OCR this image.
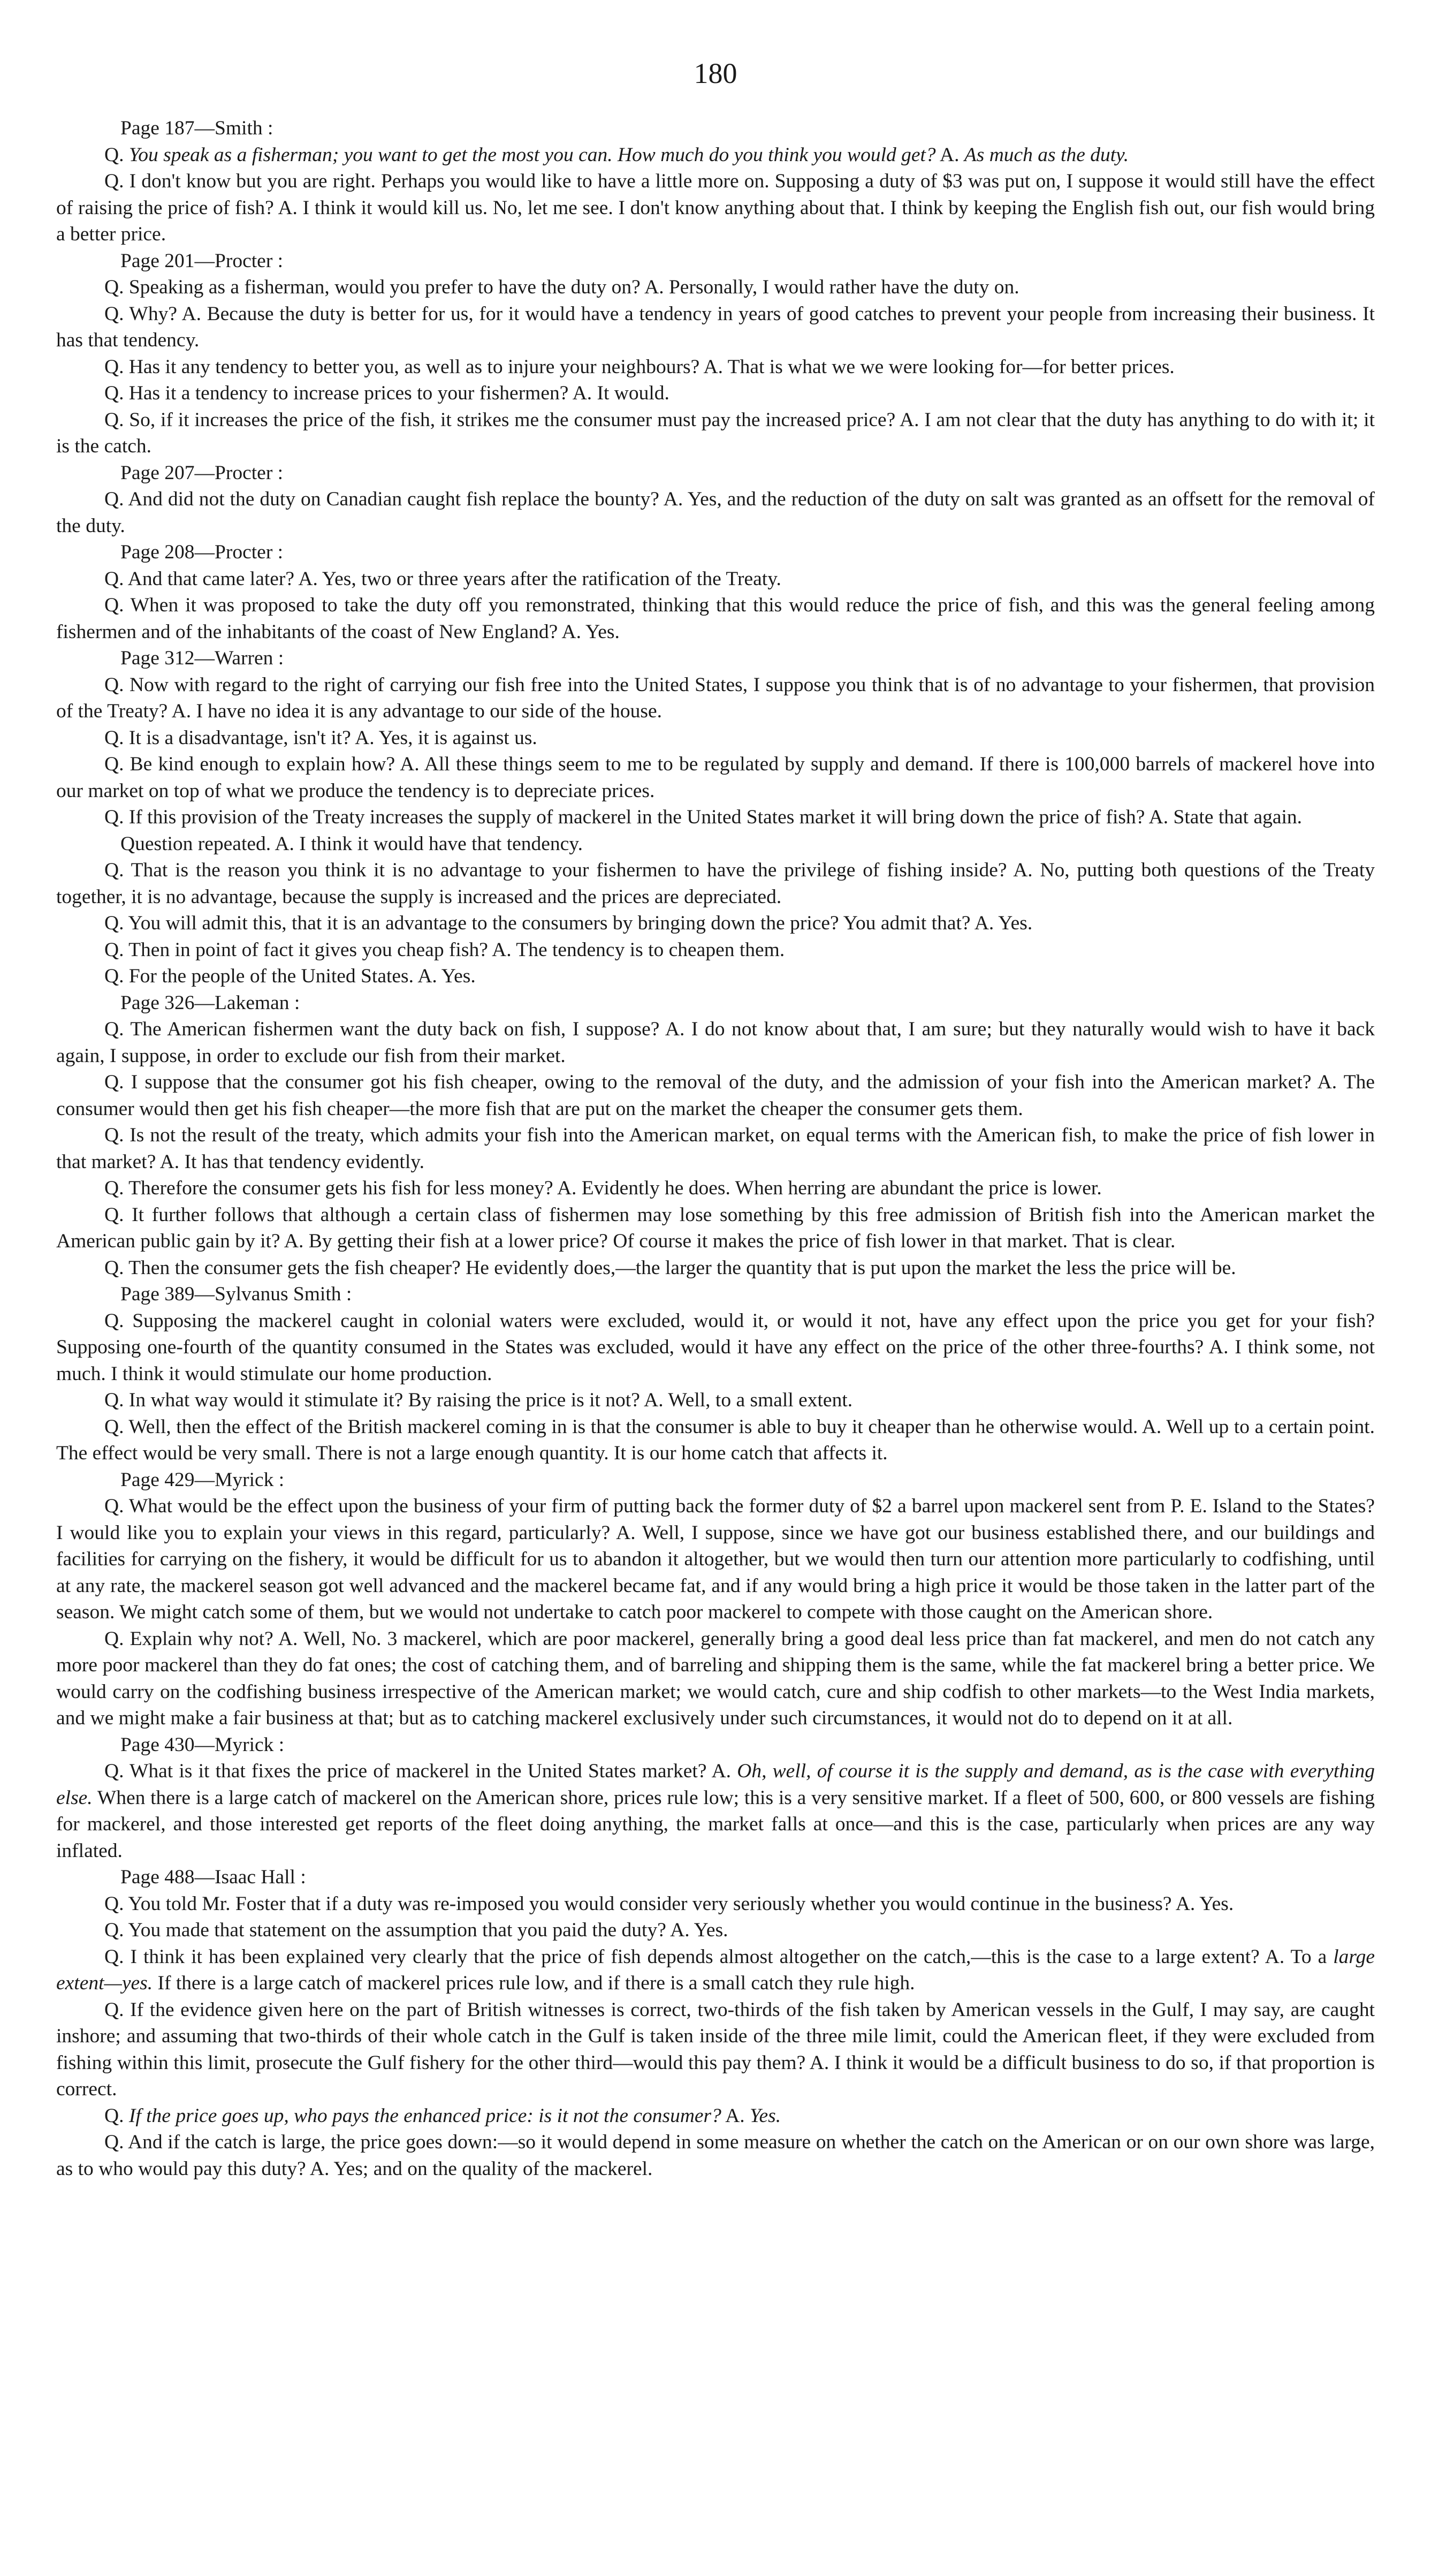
180

Page 187—Smith :

Q. You speak as a fisherman; you want to get the most you can. How much do you think you would get? A. As much as the duty.

Q. I don't know but you are right. Perhaps you would like to have a little more on. Supposing a duty of $3 was put on, I suppose it would still have the effect of raising the price of fish? A. I think it would kill us. No, let me see. I don't know anything about that. I think by keeping the English fish out, our fish would bring a better price.

Page 201—Procter :

Q. Speaking as a fisherman, would you prefer to have the duty on? A. Personally, I would rather have the duty on.

Q. Why? A. Because the duty is better for us, for it would have a tendency in years of good catches to prevent your people from increasing their business. It has that tendency.

Q. Has it any tendency to better you, as well as to injure your neighbours? A. That is what we we were looking for—for better prices.

Q. Has it a tendency to increase prices to your fishermen? A. It would.

Q. So, if it increases the price of the fish, it strikes me the consumer must pay the increased price? A. I am not clear that the duty has anything to do with it; it is the catch.

Page 207—Procter :

Q. And did not the duty on Canadian caught fish replace the bounty? A. Yes, and the reduction of the duty on salt was granted as an offsett for the removal of the duty.

Page 208—Procter :

Q. And that came later? A. Yes, two or three years after the ratification of the Treaty.

Q. When it was proposed to take the duty off you remonstrated, thinking that this would reduce the price of fish, and this was the general feeling among fishermen and of the inhabitants of the coast of New England? A. Yes.

Page 312—Warren :

Q. Now with regard to the right of carrying our fish free into the United States, I suppose you think that is of no advantage to your fishermen, that provision of the Treaty? A. I have no idea it is any advantage to our side of the house.

Q. It is a disadvantage, isn't it? A. Yes, it is against us.

Q. Be kind enough to explain how? A. All these things seem to me to be regulated by supply and demand. If there is 100,000 barrels of mackerel hove into our market on top of what we produce the tendency is to depreciate prices.

Q. If this provision of the Treaty increases the supply of mackerel in the United States market it will bring down the price of fish? A. State that again.

Question repeated. A. I think it would have that tendency.

Q. That is the reason you think it is no advantage to your fishermen to have the privilege of fishing inside? A. No, putting both questions of the Treaty together, it is no advantage, because the supply is increased and the prices are depreciated.

Q. You will admit this, that it is an advantage to the consumers by bringing down the price? You admit that? A. Yes.

Q. Then in point of fact it gives you cheap fish? A. The tendency is to cheapen them.

Q. For the people of the United States. A. Yes.

Page 326—Lakeman :

Q. The American fishermen want the duty back on fish, I suppose? A. I do not know about that, I am sure; but they naturally would wish to have it back again, I suppose, in order to exclude our fish from their market.

Q. I suppose that the consumer got his fish cheaper, owing to the removal of the duty, and the admission of your fish into the American market? A. The consumer would then get his fish cheaper—the more fish that are put on the market the cheaper the consumer gets them.

Q. Is not the result of the treaty, which admits your fish into the American market, on equal terms with the American fish, to make the price of fish lower in that market? A. It has that tendency evidently.

Q. Therefore the consumer gets his fish for less money? A. Evidently he does. When herring are abundant the price is lower.

Q. It further follows that although a certain class of fishermen may lose something by this free admission of British fish into the American market the American public gain by it? A. By getting their fish at a lower price? Of course it makes the price of fish lower in that market. That is clear.

Q. Then the consumer gets the fish cheaper? He evidently does,—the larger the quantity that is put upon the market the less the price will be.

Page 389—Sylvanus Smith :

Q. Supposing the mackerel caught in colonial waters were excluded, would it, or would it not, have any effect upon the price you get for your fish? Supposing one-fourth of the quantity consumed in the States was excluded, would it have any effect on the price of the other three-fourths? A. I think some, not much. I think it would stimulate our home production.

Q. In what way would it stimulate it? By raising the price is it not? A. Well, to a small extent.

Q. Well, then the effect of the British mackerel coming in is that the consumer is able to buy it cheaper than he otherwise would. A. Well up to a certain point. The effect would be very small. There is not a large enough quantity. It is our home catch that affects it.

Page 429—Myrick :

Q. What would be the effect upon the business of your firm of putting back the former duty of $2 a barrel upon mackerel sent from P. E. Island to the States? I would like you to explain your views in this regard, particularly? A. Well, I suppose, since we have got our business established there, and our buildings and facilities for carrying on the fishery, it would be difficult for us to abandon it altogether, but we would then turn our attention more particularly to codfishing, until at any rate, the mackerel season got well advanced and the mackerel became fat, and if any would bring a high price it would be those taken in the latter part of the season. We might catch some of them, but we would not undertake to catch poor mackerel to compete with those caught on the American shore.

Q. Explain why not? A. Well, No. 3 mackerel, which are poor mackerel, generally bring a good deal less price than fat mackerel, and men do not catch any more poor mackerel than they do fat ones; the cost of catching them, and of barreling and shipping them is the same, while the fat mackerel bring a better price. We would carry on the codfishing business irrespective of the American market; we would catch, cure and ship codfish to other markets—to the West India markets, and we might make a fair business at that; but as to catching mackerel exclusively under such circumstances, it would not do to depend on it at all.

Page 430—Myrick :

Q. What is it that fixes the price of mackerel in the United States market? A. Oh, well, of course it is the supply and demand, as is the case with everything else. When there is a large catch of mackerel on the American shore, prices rule low; this is a very sensitive market. If a fleet of 500, 600, or 800 vessels are fishing for mackerel, and those interested get reports of the fleet doing anything, the market falls at once—and this is the case, particularly when prices are any way inflated.

Page 488—Isaac Hall :

Q. You told Mr. Foster that if a duty was re-imposed you would consider very seriously whether you would continue in the business? A. Yes.

Q. You made that statement on the assumption that you paid the duty? A. Yes.

Q. I think it has been explained very clearly that the price of fish depends almost altogether on the catch,—this is the case to a large extent? A. To a large extent—yes. If there is a large catch of mackerel prices rule low, and if there is a small catch they rule high.

Q. If the evidence given here on the part of British witnesses is correct, two-thirds of the fish taken by American vessels in the Gulf, I may say, are caught inshore; and assuming that two-thirds of their whole catch in the Gulf is taken inside of the three mile limit, could the American fleet, if they were excluded from fishing within this limit, prosecute the Gulf fishery for the other third—would this pay them? A. I think it would be a difficult business to do so, if that proportion is correct.

Q. If the price goes up, who pays the enhanced price: is it not the consumer? A. Yes.

Q. And if the catch is large, the price goes down:—so it would depend in some measure on whether the catch on the American or on our own shore was large, as to who would pay this duty? A. Yes; and on the quality of the mackerel.
